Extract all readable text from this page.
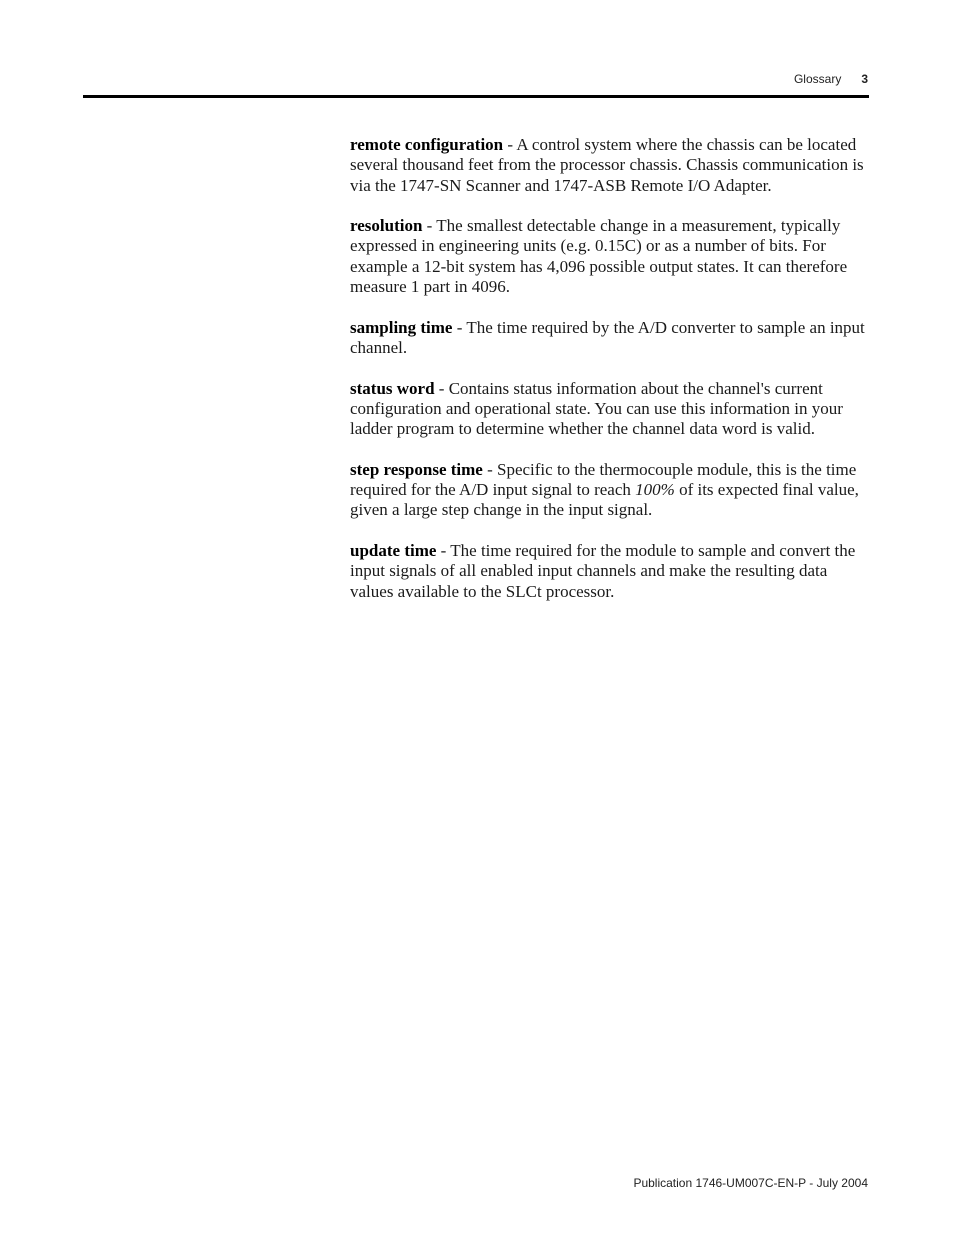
Glossary 3

remote configuration - A control system where the chassis can be located several thousand feet from the processor chassis. Chassis communication is via the 1747-SN Scanner and 1747-ASB Remote I/O Adapter.

resolution - The smallest detectable change in a measurement, typically expressed in engineering units (e.g. 0.15C) or as a number of bits. For example a 12-bit system has 4,096 possible output states. It can therefore measure 1 part in 4096.

sampling time - The time required by the A/D converter to sample an input channel.

status word - Contains status information about the channel's current configuration and operational state. You can use this information in your ladder program to determine whether the channel data word is valid.

step response time - Specific to the thermocouple module, this is the time required for the A/D input signal to reach 100% of its expected final value, given a large step change in the input signal.

update time - The time required for the module to sample and convert the input signals of all enabled input channels and make the resulting data values available to the SLCt processor.

Publication 1746-UM007C-EN-P - July 2004
